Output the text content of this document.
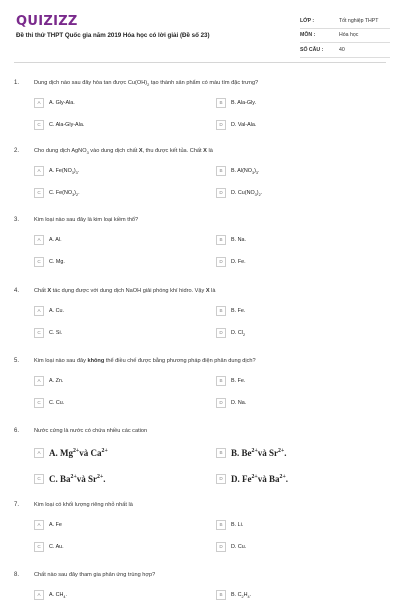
QUIZIZZ
Đề thi thử THPT Quốc gia năm 2019 Hóa học có lời giải (Đề số 23)
LỚP :	Tốt nghiệp THPT
MÔN :	Hóa học
SỐ CÂU :	40
1.	Dung dịch nào sau đây hòa tan được $Cu(OH)_2$ tạo thành sản phẩm có màu tím đặc trưng?
A	A. Gly-Ala.	B	B. Ala-Gly.
C	C. Ala-Gly-Ala.	D	D. Val-Ala.
2.	Cho dung dịch AgNO$_3$ vào dung dịch chất X, thu được kết tủa. Chất X là
A	A. $Fe(NO_3)_3$.	B	B. $Al(NO_3)_3$.
C	C. $Fe(NO_3)_2$.	D	D. $Cu(NO_3)_2$.
3.	Kim loại nào sau đây là kim loại kiềm thổ?
A	A. Al.	B	B. Na.
C	C. Mg.	D	D. Fe.
4.	Chất X tác dụng được với dung dịch NaOH giải phóng khí hidro. Vậy X là
A	A. Cu.	B	B. Fe.
C	C. Si.	D	D. $Cl_2$
5.	Kim loại nào sau đây không thể điều chế được bằng phương pháp điện phân dung dịch?
A	A. Zn.	B	B. Fe.
C	C. Cu.	D	D. Na.
6.	Nước cứng là nước có chứa nhiều các cation
A A. $Mg^{2+}và$ $Ca^{2+}$	B B. $Be^{2+}và$ $Sr^{2+}$.
C C. $Ba^{2+}và$ $Sr^{2+}$.	D D. $Fe^{2+}và$ $Ba^{2+}$.
7.	Kim loại có khối lượng riêng nhỏ nhất là
A	A. Fe	B	B. Li.
C	C. Au.	D	D. Cu.
8.	Chất nào sau đây tham gia phản ứng trùng hợp?
A	A. $CH_4$.	B	B. $C_2H_4$.
